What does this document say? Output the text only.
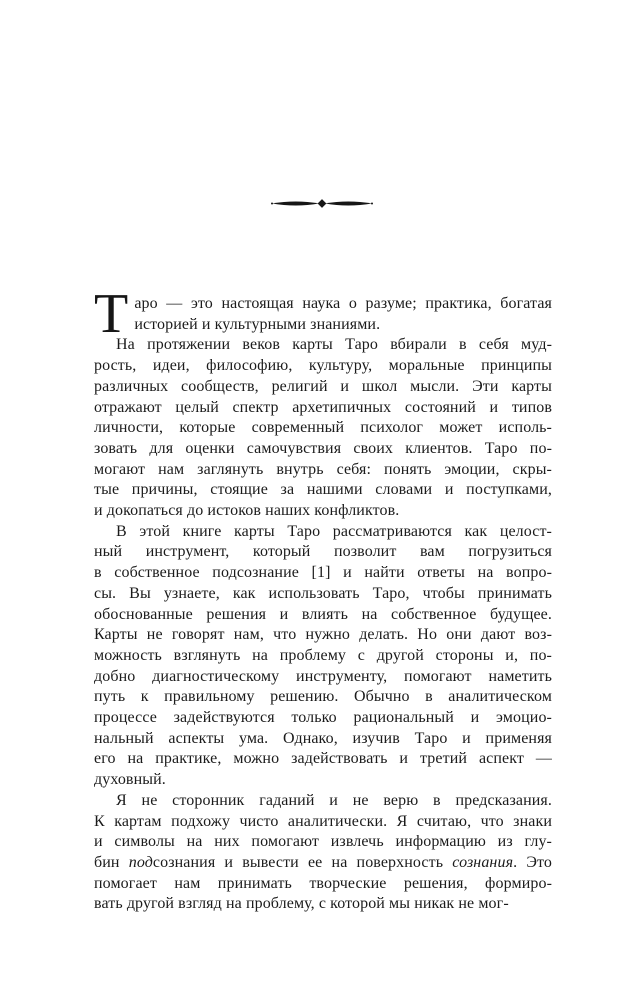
Т аро — это настоящая наука о разуме; практика, богатая
историей и культурными знаниями.
На протяжении веков карты Таро вбирали в себя муд-
рость, идеи, философию, культуру, моральные принципы
различных сообществ, религий и школ мысли. Эти карты
отражают целый спектр архетипичных состояний и типов
личности, которые современный психолог может исполь-
зовать для оценки самочувствия своих клиентов. Таро по-
могают нам заглянуть внутрь себя: понять эмоции, скры-
тые причины, стоящие за нашими словами и поступками,
и докопаться до истоков наших конфликтов.
В этой книге карты Таро рассматриваются как целост-
ный инструмент, который позволит вам погрузиться
в собственное подсознание [1] и найти ответы на вопро-
сы. Вы узнаете, как использовать Таро, чтобы принимать
обоснованные решения и влиять на собственное будущее.
Карты не говорят нам, что нужно делать. Но они дают воз-
можность взглянуть на проблему с другой стороны и, по-
добно диагностическому инструменту, помогают наметить
путь к правильному решению. Обычно в аналитическом
процессе задействуются только рациональный и эмоцио-
нальный аспекты ума. Однако, изучив Таро и применяя
его на практике, можно задействовать и третий аспект —
духовный.
Я не сторонник гаданий и не верю в предсказания.
К картам подхожу чисто аналитически. Я считаю, что знаки
и символы на них помогают извлечь информацию из глу-
бин подсознания и вывести ее на поверхность сознания. Это
помогает нам принимать творческие решения, формиро-
вать другой взгляд на проблему, с которой мы никак не мог-
